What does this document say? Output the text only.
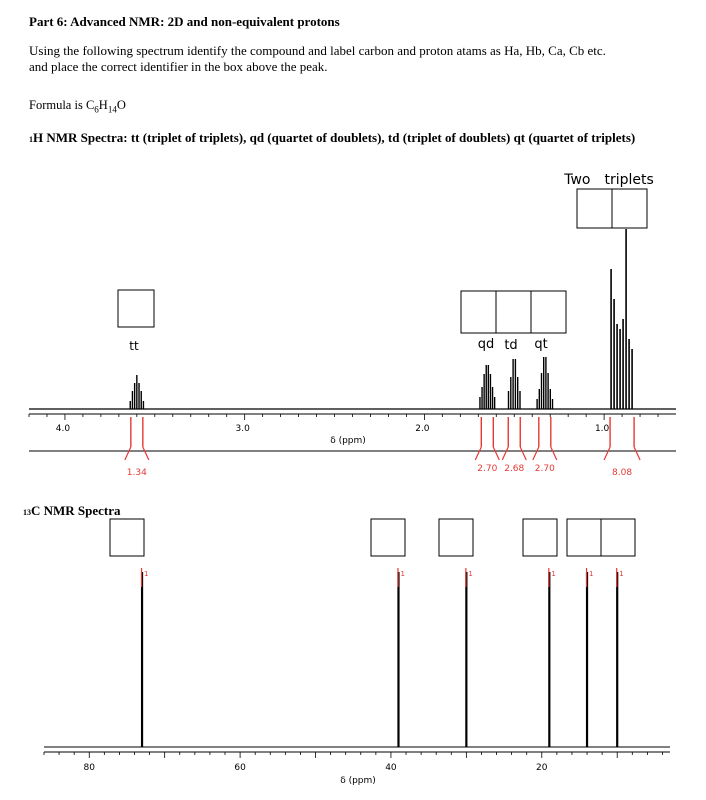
Part 6: Advanced NMR: 2D and non-equivalent protons
Using the following spectrum identify the compound and label carbon and proton atams as Ha, Hb, Ca, Cb etc.
and place the correct identifier in the box above the peak.
Formula is $C_6H_{14}O$
1H NMR Spectra: tt (triplet of triplets), qd (quartet of doublets), td (triplet of doublets) qt (quartet of triplets)
13C NMR Spectra
4.0	3.0	2.0	1.0
δ (ppm)
1.34	2.70 2.68 2.70	8.08
Two triplets
tt	qd td qt
1	1	1	1	1	1
80	60	40	20
δ (ppm)
